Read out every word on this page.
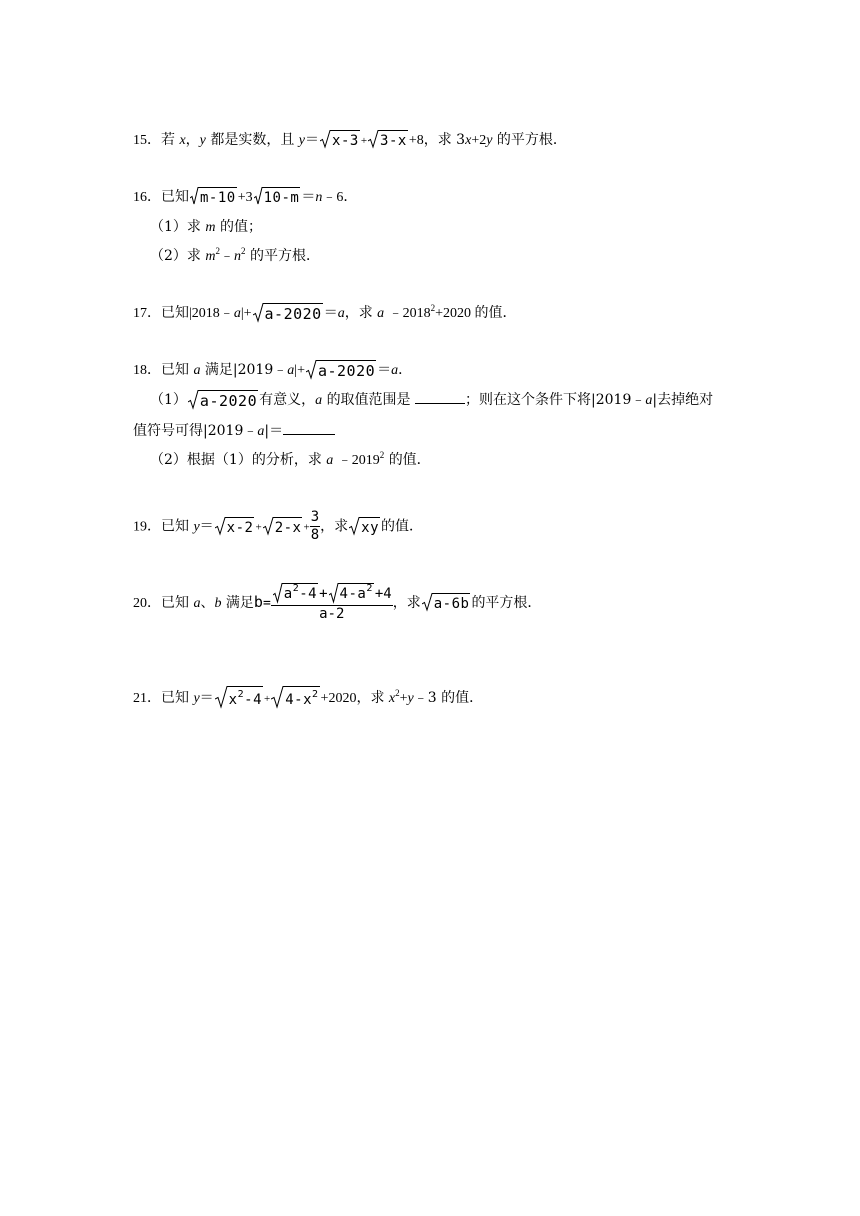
15．若 x，y 都是实数，且 y＝ x-3 + 3-x +8，求 3x+2y 的平方根．
16．已知 m-10 +3 10-m ＝n﹣6．
（1）求 m 的值；
（2）求 $m^2﹣n^2$ 的平方根．
17．已知|2018﹣a|+ a-2020 ＝a，求 a $﹣2018^2+2020$ 的值．
18．已知 a 满足|2019﹣a|+ a-2020 ＝a．
（1） a-2020 有意义，a 的取值范围是	；则在这个条件下将|2019﹣a|去掉绝对
值符号可得|2019﹣a|＝
（2）根据（1）的分析，求 a ﹣2019$^2$ 的值．
19．已知 $y= x-2 + 2-x + \frac{3}{8}$ ，求 xy 的值．
20．已知 a、b 满足$b= \frac{a^2-4 + 4-a^2 +4}{a-2}$ ，求 a-6b 的平方根．
21．已知 $y= x^2-4 + 4-x^2 +2020$，求 $x^2+y﹣3$ 的值．
